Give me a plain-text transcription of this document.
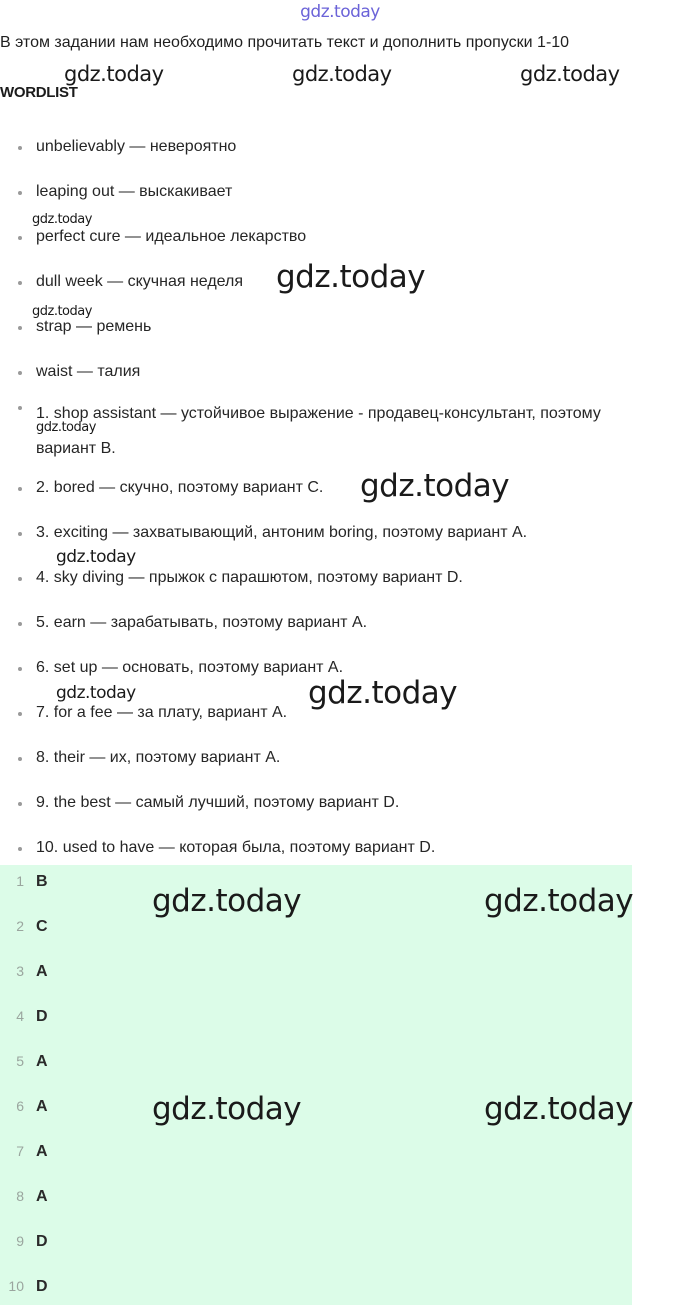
gdz.today
В этом задании нам необходимо прочитать текст и дополнить пропуски 1-10
WORDLIST
unbelievably — невероятно
leaping out — выскакивает
perfect cure — идеальное лекарство
dull week — скучная неделя
strap — ремень
waist — талия
1. shop assistant — устойчивое выражение - продавец-консультант, поэтому вариант B.
2. bored — скучно, поэтому вариант C.
3. exciting — захватывающий, антоним boring, поэтому вариант A.
4. sky diving — прыжок с парашютом, поэтому вариант D.
5. earn — зарабатывать, поэтому вариант A.
6. set up — основать, поэтому вариант A.
7. for a fee — за плату, вариант A.
8. their — их, поэтому вариант A.
9. the best — самый лучший, поэтому вариант D.
10. used to have — которая была, поэтому вариант D.
1 B
2 C
3 A
4 D
5 A
6 A
7 A
8 A
9 D
10 D
gdz.today	gdz.today	gdz.today
gdz.today
gdz.today
gdz.today
gdz.today
gdz.today
gdz.today
gdz.today	gdz.today
gdz.today	gdz.today
gdz.today	gdz.today
